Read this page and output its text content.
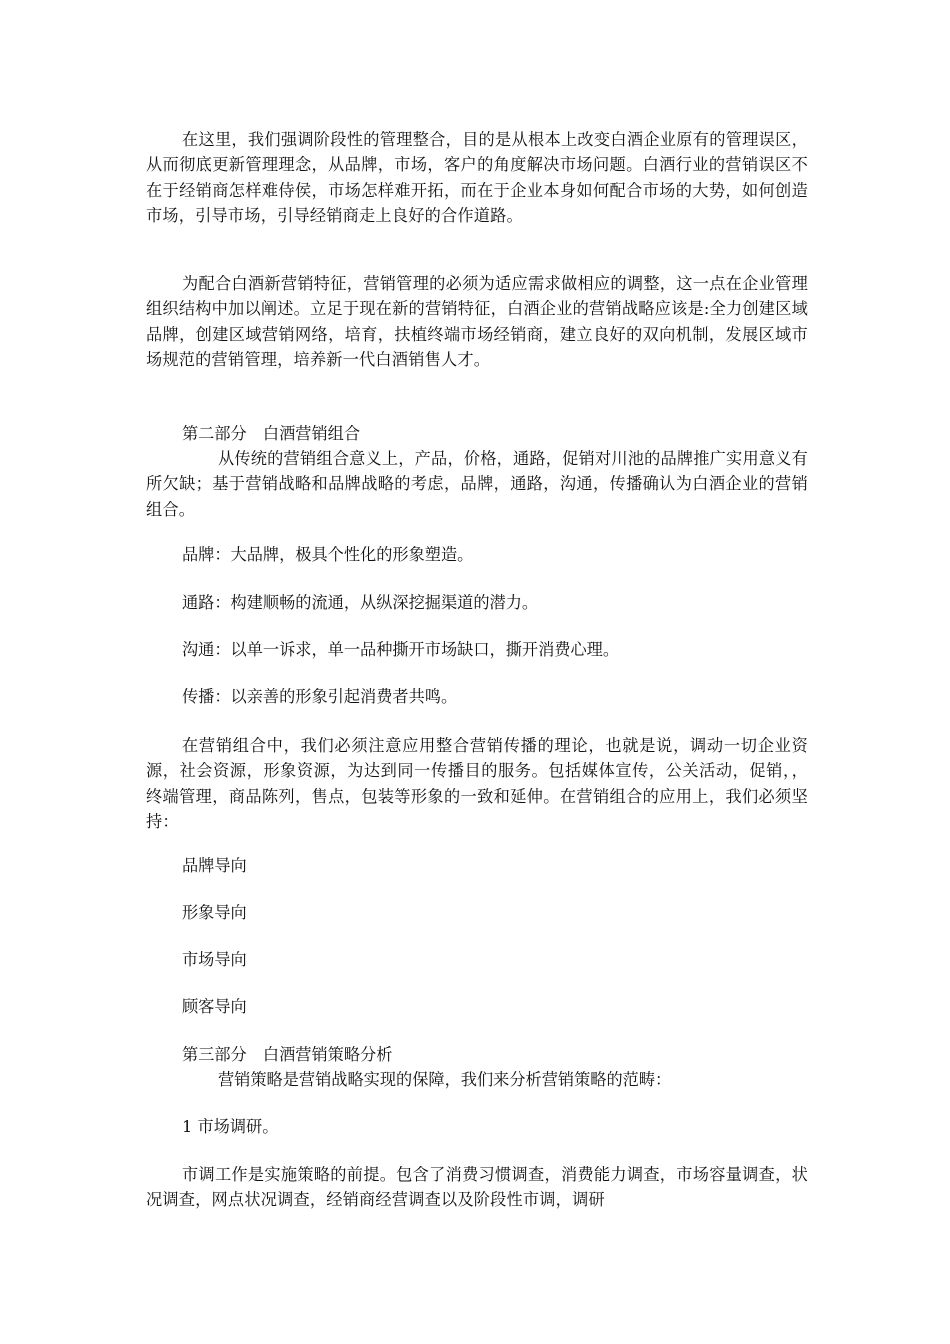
在这里，我们强调阶段性的管理整合，目的是从根本上改变白酒企业原有的管理误区，从而彻底更新管理理念，从品牌，市场，客户的角度解决市场问题。白酒行业的营销误区不在于经销商怎样难侍侯，市场怎样难开拓，而在于企业本身如何配合市场的大势，如何创造市场，引导市场，引导经销商走上良好的合作道路。

为配合白酒新营销特征，营销管理的必须为适应需求做相应的调整，这一点在企业管理组织结构中加以阐述。立足于现在新的营销特征，白酒企业的营销战略应该是:全力创建区域品牌，创建区域营销网络，培育，扶植终端市场经销商，建立良好的双向机制，发展区域市场规范的营销管理，培养新一代白酒销售人才。

第二部分　白酒营销组合

从传统的营销组合意义上，产品，价格，通路，促销对川池的品牌推广实用意义有所欠缺；基于营销战略和品牌战略的考虑，品牌，通路，沟通，传播确认为白酒企业的营销组合。

品牌：大品牌，极具个性化的形象塑造。

通路：构建顺畅的流通，从纵深挖掘渠道的潜力。

沟通：以单一诉求，单一品种撕开市场缺口，撕开消费心理。

传播：以亲善的形象引起消费者共鸣。

在营销组合中，我们必须注意应用整合营销传播的理论，也就是说，调动一切企业资源，社会资源，形象资源，为达到同一传播目的服务。包括媒体宣传，公关活动，促销，，终端管理，商品陈列，售点，包装等形象的一致和延伸。在营销组合的应用上，我们必须坚持：

品牌导向

形象导向

市场导向

顾客导向

第三部分　白酒营销策略分析

营销策略是营销战略实现的保障，我们来分析营销策略的范畴：

1 市场调研。

市调工作是实施策略的前提。包含了消费习惯调查，消费能力调查，市场容量调查，状况调查，网点状况调查，经销商经营调查以及阶段性市调，调研
